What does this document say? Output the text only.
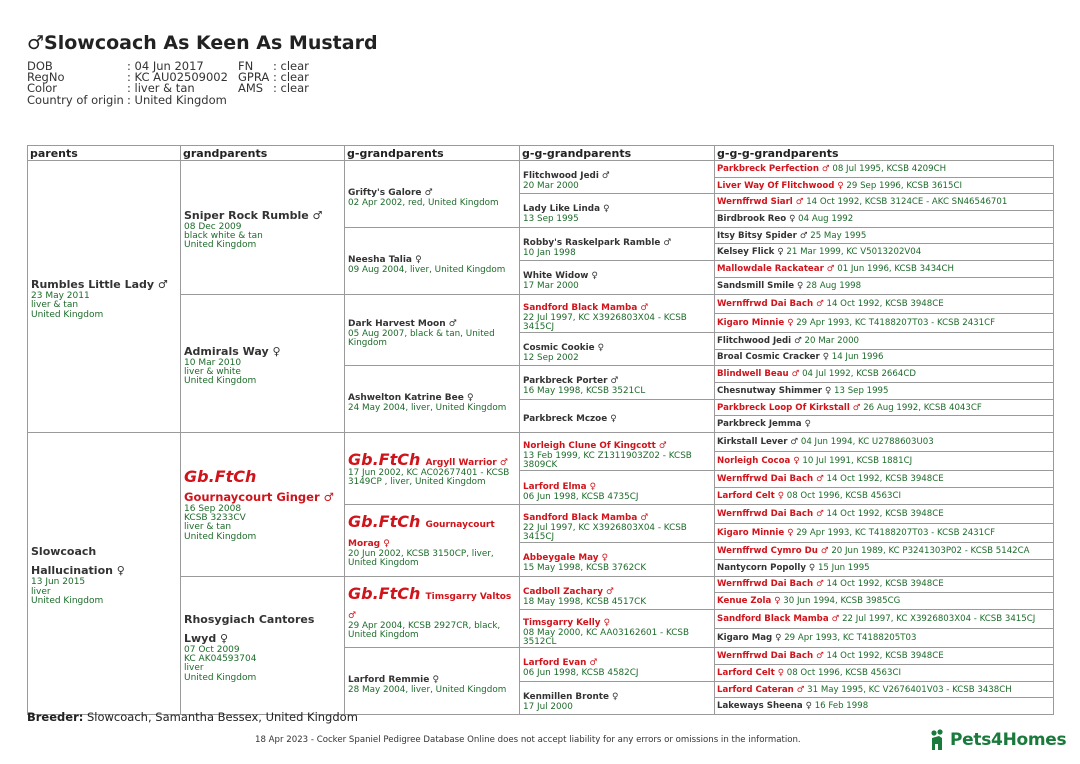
♂Slowcoach As Keen As Mustard
DOB	: 04 Jun 2017	FN : clear
RegNo	: KC AU02509002 GPRA : clear
Color	: liver & tan	AMS : clear
Country of origin : United Kingdom
parents	grandparents	g-grandparents	g-g-grandparents	g-g-g-grandparents
Rumbles Little Lady ♂
23 May 2011
liver & tan
United Kingdom	Sniper Rock Rumble ♂
08 Dec 2009
black white & tan
United Kingdom	Grifty's Galore ♂
02 Apr 2002, red, United Kingdom	Flitchwood Jedi ♂
20 Mar 2000	Parkbreck Perfection ♂ 08 Jul 1995, KCSB 4209CH
				Liver Way Of Flitchwood ♀ 29 Sep 1996, KCSB 3615CI
			Lady Like Linda ♀
13 Sep 1995	Wernffrwd Siarl ♂ 14 Oct 1992, KCSB 3124CE - AKC SN46546701
				Birdbrook Reo ♀ 04 Aug 1992

		Neesha Talia ♀
09 Aug 2004, liver, United Kingdom	Robby's Raskelpark Ramble ♂
10 Jan 1998	Itsy Bitsy Spider ♂ 25 May 1995
				Kelsey Flick ♀ 21 Mar 1999, KC V5013202V04
			White Widow ♀
17 Mar 2000	Mallowdale Rackatear ♂ 01 Jun 1996, KCSB 3434CH
				Sandsmill Smile ♀ 28 Aug 1998

	Admirals Way ♀
10 Mar 2010
liver & white
United Kingdom	Dark Harvest Moon ♂
05 Aug 2007, black & tan, United Kingdom	Sandford Black Mamba ♂
22 Jul 1997, KC X3926803X04 - KCSB 3415CJ	Wernffrwd Dai Bach ♂ 14 Oct 1992, KCSB 3948CE
				Kigaro Minnie ♀ 29 Apr 1993, KC T4188207T03 - KCSB 2431CF
			Cosmic Cookie ♀
12 Sep 2002	Flitchwood Jedi ♂ 20 Mar 2000
				Broal Cosmic Cracker ♀ 14 Jun 1996

		Ashwelton Katrine Bee ♀
24 May 2004, liver, United Kingdom	Parkbreck Porter ♂
16 May 1998, KCSB 3521CL	Blindwell Beau ♂ 04 Jul 1992, KCSB 2664CD
				Chesnutway Shimmer ♀ 13 Sep 1995
			Parkbreck Mczoe ♀	Parkbreck Loop Of Kirkstall ♂ 26 Aug 1992, KCSB 4043CF
				Parkbreck Jemma ♀
Slowcoach Hallucination ♀
13 Jun 2015
liver
United Kingdom	Gb.FtCh Gournaycourt Ginger ♂
16 Sep 2008
KCSB 3233CV
liver & tan
United Kingdom	Gb.FtCh Argyll Warrior ♂
17 Jun 2002, KC AC02677401 - KCSB 3149CP , liver, United Kingdom	Norleigh Clune Of Kingcott ♂
13 Feb 1999, KC Z1311903Z02 - KCSB 3809CK	Kirkstall Lever ♂ 04 Jun 1994, KC U2788603U03
				Norleigh Cocoa ♀ 10 Jul 1991, KCSB 1881CJ
			Larford Elma ♀
06 Jun 1998, KCSB 4735CJ	Wernffrwd Dai Bach ♂ 14 Oct 1992, KCSB 3948CE
				Larford Celt ♀ 08 Oct 1996, KCSB 4563CI

		Gb.FtCh Gournaycourt Morag ♀
20 Jun 2002, KCSB 3150CP, liver, United Kingdom	Sandford Black Mamba ♂
22 Jul 1997, KC X3926803X04 - KCSB 3415CJ	Wernffrwd Dai Bach ♂ 14 Oct 1992, KCSB 3948CE
				Kigaro Minnie ♀ 29 Apr 1993, KC T4188207T03 - KCSB 2431CF
			Abbeygale May ♀
15 May 1998, KCSB 3762CK	Wernffrwd Cymro Du ♂ 20 Jun 1989, KC P3241303P02 - KCSB 5142CA
				Nantycorn Popolly ♀ 15 Jun 1995

	Rhosygiach Cantores Lwyd ♀
07 Oct 2009
KC AK04593704
liver
United Kingdom	Gb.FtCh Timsgarry Valtos ♂
29 Apr 2004, KCSB 2927CR, black, United Kingdom	Cadboll Zachary ♂
18 May 1998, KCSB 4517CK	Wernffrwd Dai Bach ♂ 14 Oct 1992, KCSB 3948CE
				Kenue Zola ♀ 30 Jun 1994, KCSB 3985CG
			Timsgarry Kelly ♀
08 May 2000, KC AA03162601 - KCSB 3512CL	Sandford Black Mamba ♂ 22 Jul 1997, KC X3926803X04 - KCSB 3415CJ
				Kigaro Mag ♀ 29 Apr 1993, KC T4188205T03

		Larford Remmie ♀
28 May 2004, liver, United Kingdom	Larford Evan ♂
06 Jun 1998, KCSB 4582CJ	Wernffrwd Dai Bach ♂ 14 Oct 1992, KCSB 3948CE
				Larford Celt ♀ 08 Oct 1996, KCSB 4563CI
			Kenmillen Bronte ♀
17 Jul 2000	Larford Cateran ♂ 31 May 1995, KC V2676401V03 - KCSB 3438CH
				Lakeways Sheena ♀ 16 Feb 1998
Breeder: Slowcoach, Samantha Bessex, United Kingdom
18 Apr 2023 - Cocker Spaniel Pedigree Database Online does not accept liability for any errors or omissions in the information.	Pets4Homes
